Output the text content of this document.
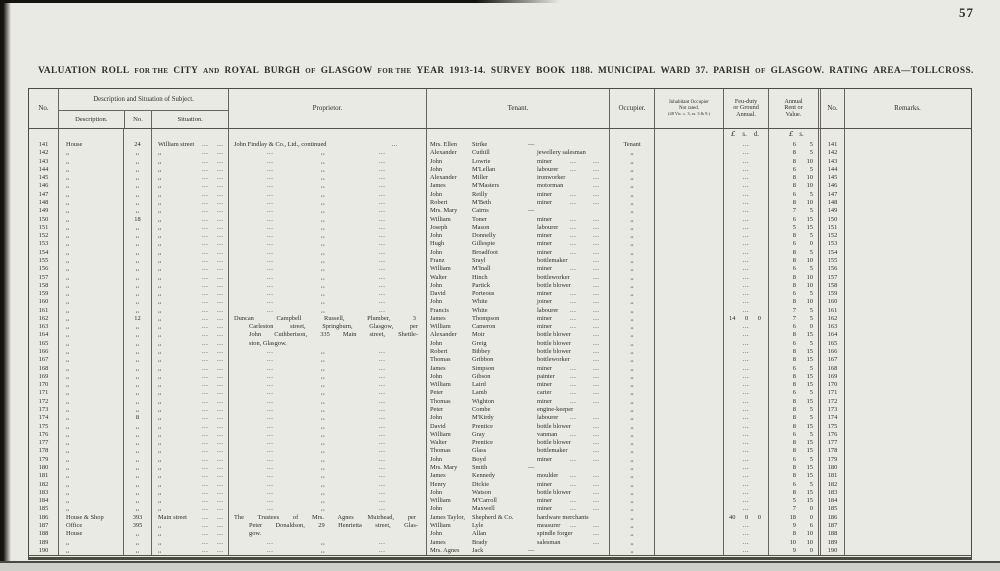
57
VALUATION ROLL FOR THE CITY AND ROYAL BURGH OF GLASGOW FOR THE YEAR 1913-14. SURVEY BOOK 1188. MUNICIPAL WARD 37. PARISH OF GLASGOW. RATING AREA—TOLLCROSS.
No.
Description and Situation of Subject.
Description.	No.	Situation.
Proprietor.	Tenant.	Occupier.
Inhabitant Occupier
Not rated.
(48 Vic. c. 3, ss. 3 & 9.)
Feu-duty
or Ground
Annual.
Annual
Rent or
Value.
No.	Remarks.
£ s. d.	£ s.
141	House	24	William street ... ...	John Findlay & Co., Ltd., continued	...	Mrs. Ellen	Strike	—	Tenant	...	6	5	141
142	,,	,,	,,	... ...	...	,,	...	Alexander	Cuthill	jewellery salesman	,,	...	8	5	142
143	,,	,,	,,	... ...	...	,,	...	John	Lowrie	miner	...	...	,,	...	8	10	143
144	,,	,,	,,	... ...	...	,,	...	John	M'Lellan	labourer ...	...	,,	...	6	5	144
145	,,	,,	,,	... ...	...	,,	...	Alexander	Miller	ironworker	...	,,	...	8	10	145
146	,,	,,	,,	... ...	...	,,	...	James	M'Masters	motorman	...	,,	...	8	10	146
147	,,	,,	,,	... ...	...	,,	...	John	Reilly	miner	...	...	,,	...	6	5	147
148	,,	,,	,,	... ...	...	,,	...	Robert	M'Beth	miner	...	...	,,	...	8	10	148
149	,,	,,	,,	... ...	...	,,	...	Mrs. Mary	Cairns	—	,,	...	7	5	149
150	,,	18	,,	... ...	...	,,	...	William	Toner	miner	...	...	,,	...	6	15	150
151	,,	,,	,,	... ...	...	,,	...	Joseph	Mason	labourer ...	...	,,	...	5	15	151
152	,,	,,	,,	... ...	...	,,	...	John	Donnelly	miner	...	...	,,	...	8	5	152
153	,,	,,	,,	... ...	...	,,	...	Hugh	Gillespie	miner	...	...	,,	...	6	0	153
154	,,	,,	,,	... ...	...	,,	...	John	Broadfoot	miner	...	...	,,	...	8	5	154
155	,,	,,	,,	... ...	...	,,	...	Franz	Srayl	bottlemaker	...	,,	...	8	10	155
156	,,	,,	,,	... ...	...	,,	...	William	M'Inall	miner	...	...	,,	...	6	5	156
157	,,	,,	,,	... ...	...	,,	...	Walter	Hinch	bottleworker	...	,,	...	8	10	157
158	,,	,,	,,	... ...	...	,,	...	John	Partick	bottle blower	...	,,	...	8	10	158
159	,,	,,	,,	... ...	...	,,	...	David	Porteous	miner	...	...	,,	...	6	5	159
160	,,	,,	,,	... ...	...	,,	...	John	White	joiner	...	...	,,	...	8	10	160
161	,,	,,	,,	... ...	...	,,	...	Francis	White	labourer ...	...	,,	...	7	5	161
162	,,	12	,,	... ...	Duncan Campbell Russell, Plumber, 3	James	Thompson	miner	...	...	,,	14 0 0	7	5	162
163	,,	,,	,,	... ...	Carleston street, Springburn, Glasgow, per	William	Cameron	miner	...	...	,,	...	6	0	163
164	,,	,,	,,	... ...	John Cuthbertson, 335 Main street, Shettle-	Alexander	Moir	bottle blower	...	,,	...	8	15	164
165	,,	,,	,,	... ...	ston, Glasgow.	John	Greig	bottle blower	...	,,	...	6	5	165
166	,,	,,	,,	... ...	...	,,	...	Robert	Bibbey	bottle blower	...	,,	...	8	15	166
167	,,	,,	,,	... ...	...	,,	...	Thomas	Gribbon	bottleworker	...	,,	...	8	15	167
168	,,	,,	,,	... ...	...	,,	...	James	Simpson	miner	...	...	,,	...	6	5	168
169	,,	,,	,,	... ...	...	,,	...	John	Gibson	painter ...	...	,,	...	8	15	169
170	,,	,,	,,	... ...	...	,,	...	William	Laird	miner	...	...	,,	...	8	15	170
171	,,	,,	,,	... ...	...	,,	...	Peter	Lamb	carter	...	...	,,	...	6	5	171
172	,,	,,	,,	... ...	...	,,	...	Thomas	Wighton	miner	...	...	,,	...	8	15	172
173	,,	,,	,,	... ...	...	,,	...	Peter	Combe	engine-keeper	,,	...	8	5	173
174	,,	8	,,	... ...	...	,,	...	John	M'Kirdy	labourer ...	...	,,	...	8	5	174
175	,,	,,	,,	... ...	...	,,	...	David	Prentice	bottle blower	...	,,	...	8	15	175
176	,,	,,	,,	... ...	...	,,	...	William	Gray	vanman ...	...	,,	...	6	5	176
177	,,	,,	,,	... ...	...	,,	...	Walter	Prentice	bottle blower	...	,,	...	8	15	177
178	,,	,,	,,	... ...	...	,,	...	Thomas	Glass	bottlemaker	...	,,	...	8	15	178
179	,,	,,	,,	... ...	...	,,	...	John	Boyd	miner	...	...	,,	...	6	5	179
180	,,	,,	,,	... ...	...	,,	...	Mrs. Mary	Smith	—	,,	...	8	15	180
181	,,	,,	,,	... ...	...	,,	...	James	Kennedy	moulder ...	...	,,	...	8	15	181
182	,,	,,	,,	... ...	...	,,	...	Henry	Dickie	miner	...	...	,,	...	6	5	182
183	,,	,,	,,	... ...	...	,,	...	John	Watson	bottle blower	...	,,	...	8	15	183
184	,,	,,	,,	... ...	...	,,	...	William	M'Carroll	miner	...	...	,,	...	5	15	184
185	,,	,,	,,	... ...	...	,,	...	John	Maxwell	miner	...	...	,,	...	7	0	185
186	House & Shop	393	Main street ... ...	The Trustees of Mrs. Agnes Muirhead, per	James Taylor,	Shepherd & Co.	hardware merchants	,,	40 0 0	18	0	186
187	Office	395	,,	... ...	Peter Donaldson, 29 Henrietta street, Glas-	William	Lyle	measurer ...	...	,,	...	9	6	187
188	House	,,	,,	... ...	gow.	John	Allan	spindle forger	...	,,	...	8	10	188
189	,,	,,	,,	... ...	...	,,	...	James	Brady	salesman	...	,,	...	10	10	189
190	,,	,,	,,	... ...	...	,,	...	Mrs. Agnes	Jack	—	,,	...	9	0	190
